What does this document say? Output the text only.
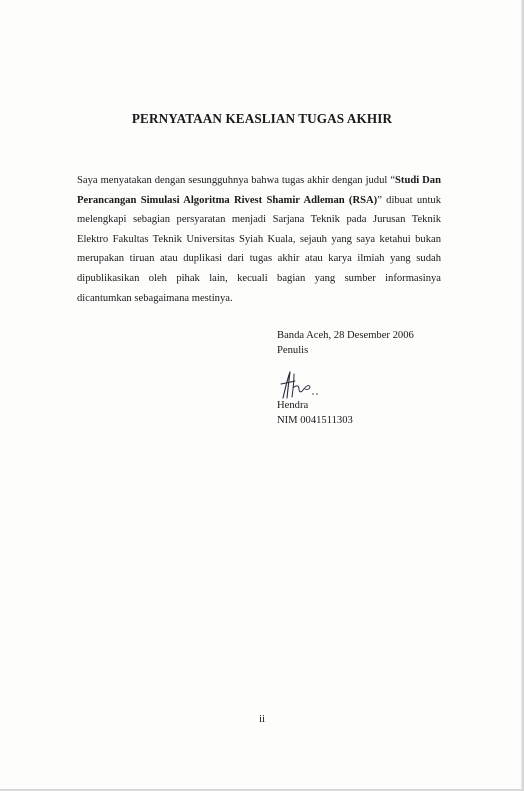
PERNYATAAN KEASLIAN TUGAS AKHIR

Saya menyatakan dengan sesungguhnya bahwa tugas akhir dengan judul “Studi Dan Perancangan Simulasi Algoritma Rivest Shamir Adleman (RSA)” dibuat untuk melengkapi sebagian persyaratan menjadi Sarjana Teknik pada Jurusan Teknik Elektro Fakultas Teknik Universitas Syiah Kuala, sejauh yang saya ketahui bukan merupakan tiruan atau duplikasi dari tugas akhir atau karya ilmiah yang sudah dipublikasikan oleh pihak lain, kecuali bagian yang sumber informasinya dicantumkan sebagaimana mestinya.

Banda Aceh, 28 Desember 2006
Penulis
Hendra
NIM 0041511303
ii
